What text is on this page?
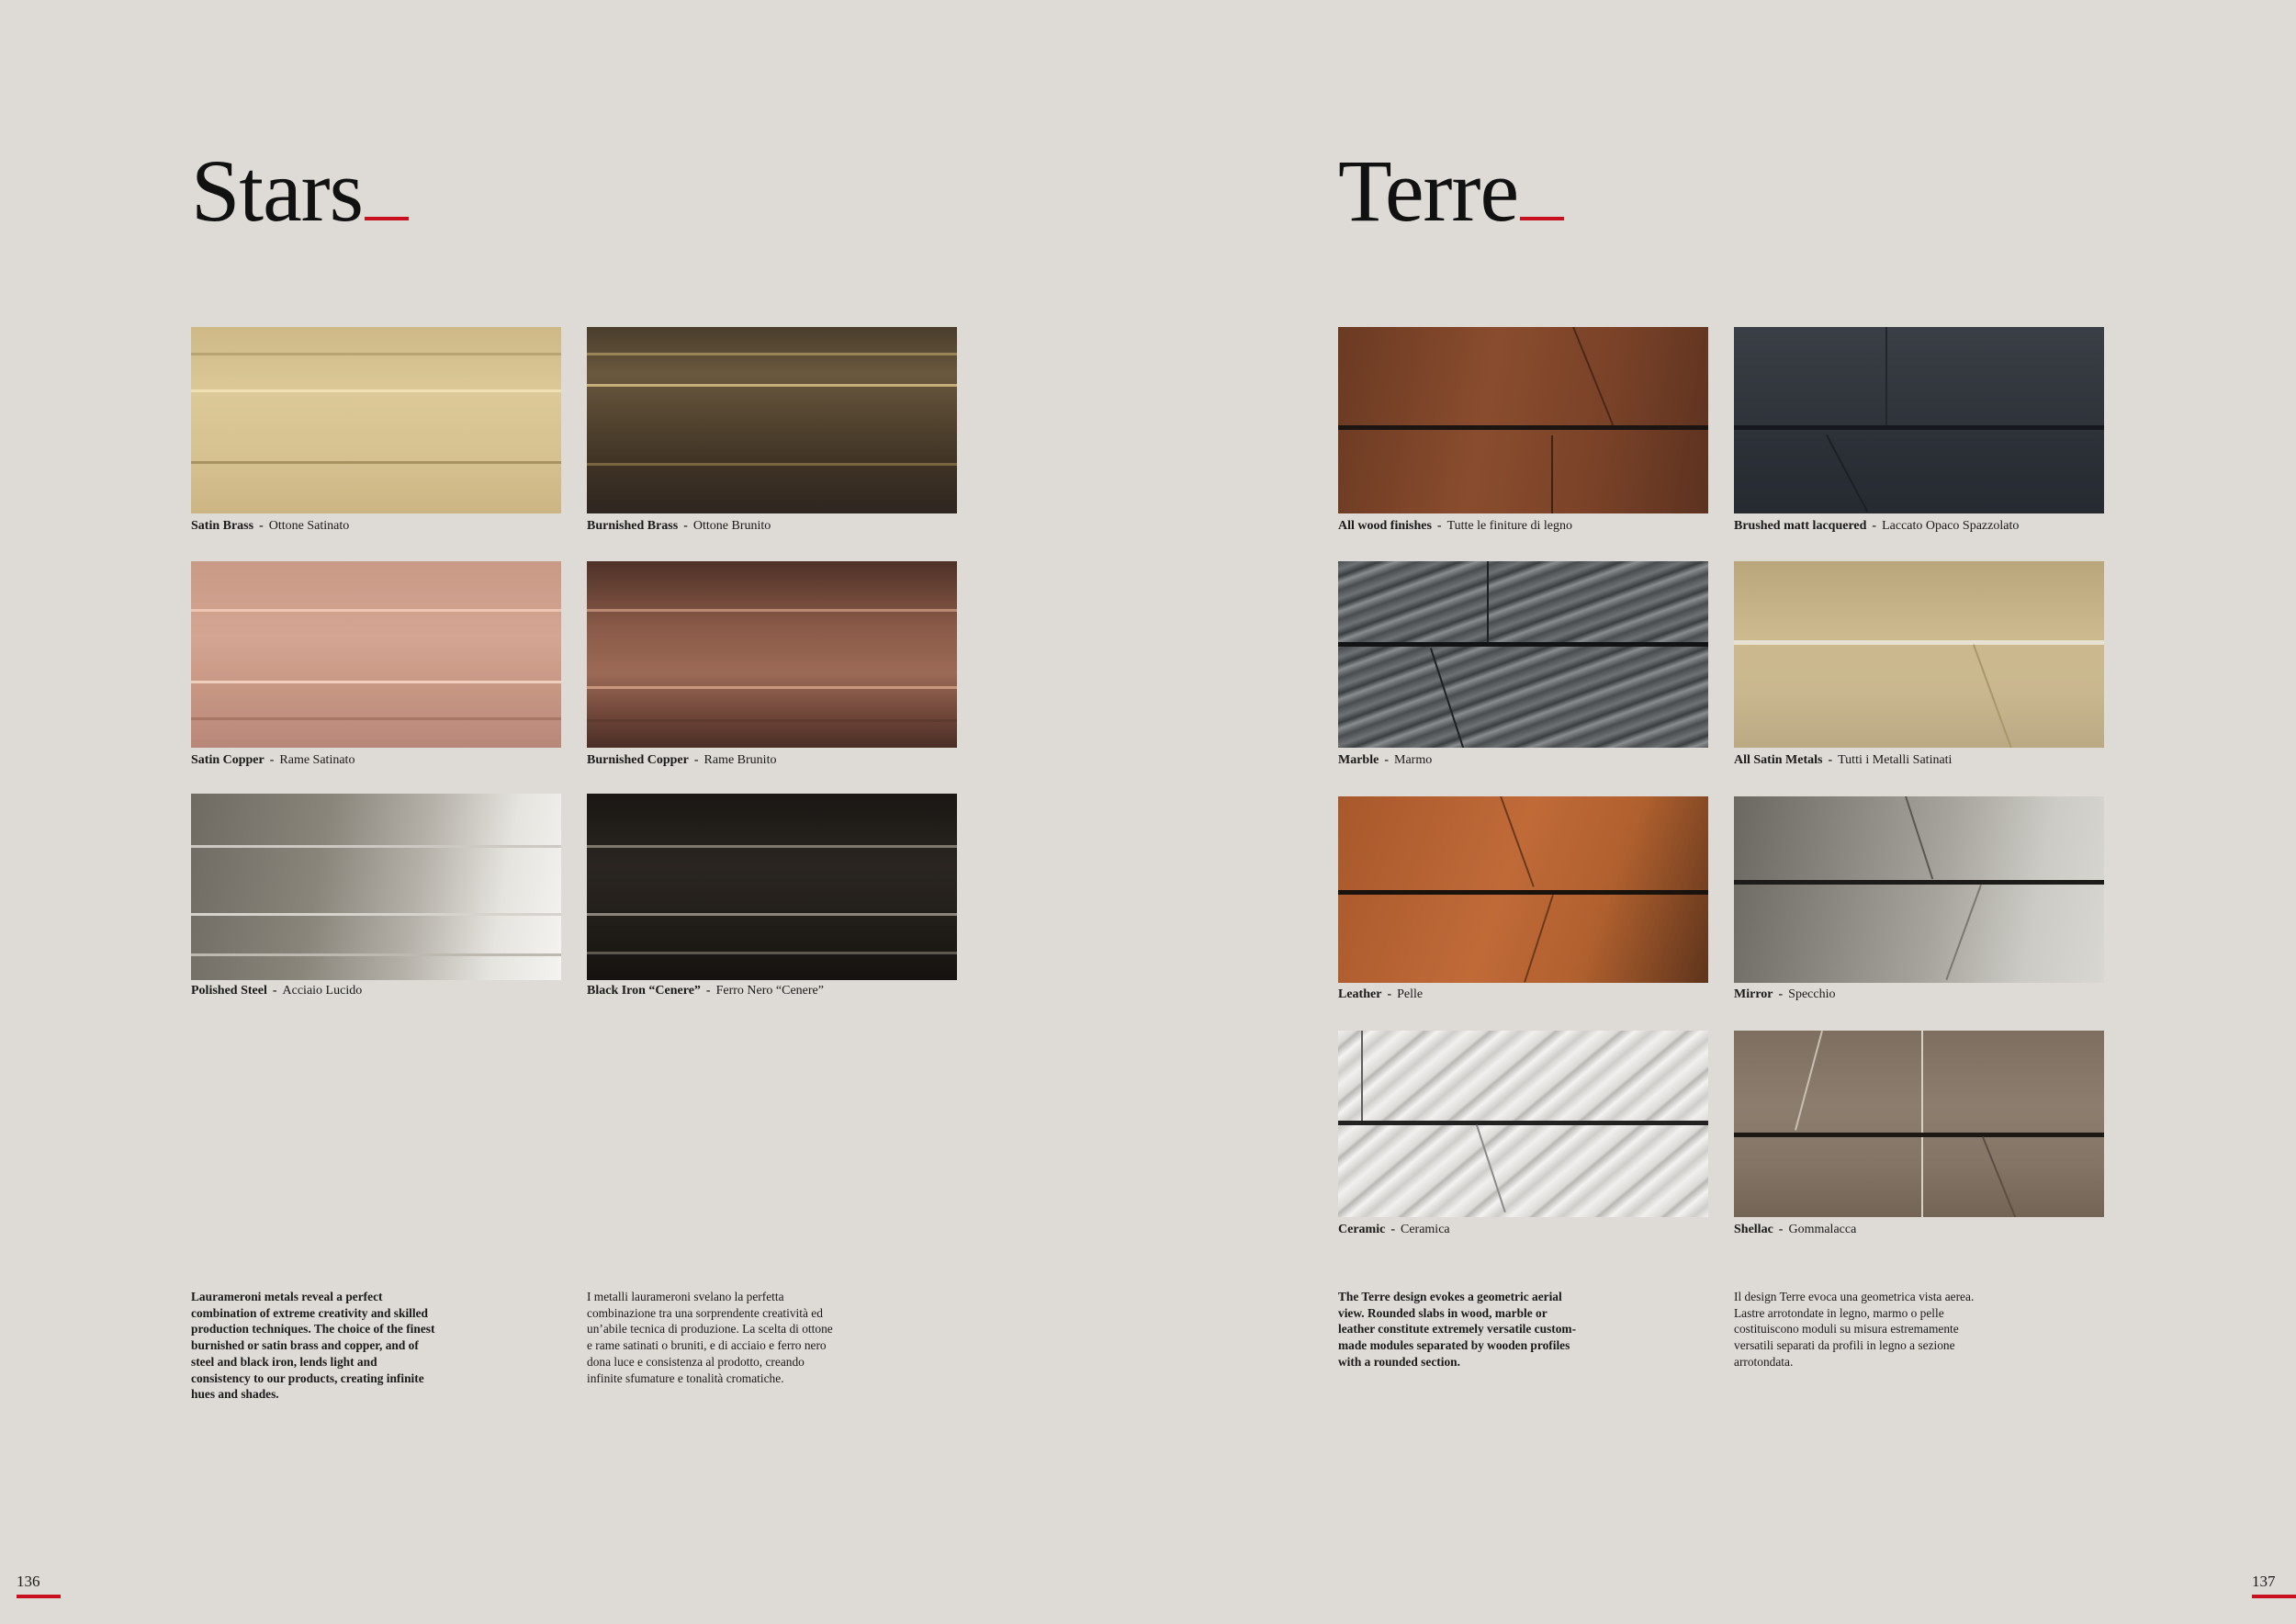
Stars
Satin Brass - Ottone Satinato	Burnished Brass - Ottone Brunito
Satin Copper - Rame Satinato	Burnished Copper - Rame Brunito
Polished Steel - Acciaio Lucido	Black Iron “Cenere” - Ferro Nero “Cenere”
Laurameroni metals reveal a perfect combination of extreme creativity and skilled production techniques. The choice of the finest burnished or satin brass and copper, and of steel and black iron, lends light and consistency to our products, creating infinite hues and shades.
I metalli laurameroni svelano la perfetta combinazione tra una sorprendente creatività ed un’abile tecnica di produzione. La scelta di ottone e rame satinati o bruniti, e di acciaio e ferro nero dona luce e consistenza al prodotto, creando infinite sfumature e tonalità cromatiche.
136
Terre
All wood finishes - Tutte le finiture di legno	Brushed matt lacquered - Laccato Opaco Spazzolato
Marble - Marmo	All Satin Metals - Tutti i Metalli Satinati
Leather - Pelle	Mirror - Specchio
Ceramic - Ceramica	Shellac - Gommalacca
The Terre design evokes a geometric aerial view. Rounded slabs in wood, marble or leather constitute extremely versatile custom-made modules separated by wooden profiles with a rounded section.
Il design Terre evoca una geometrica vista aerea. Lastre arrotondate in legno, marmo o pelle costituiscono moduli su misura estremamente versatili separati da profili in legno a sezione arrotondata.
137
